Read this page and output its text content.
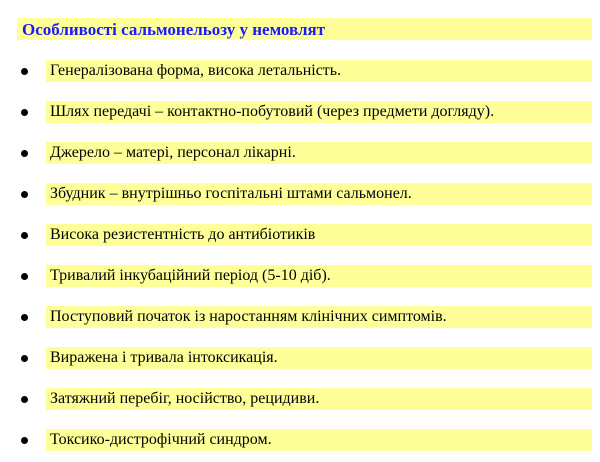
Особливості сальмонельозу у немовлят
Генералізована форма, висока летальність.
Шлях передачі – контактно-побутовий (через предмети догляду).
Джерело – матері, персонал лікарні.
Збудник – внутрішньо госпітальні штами сальмонел.
Висока резистентність до антибіотиків
Тривалий інкубаційний період (5-10 діб).
Поступовий початок із наростанням клінічних симптомів.
Виражена і тривала інтоксикація.
Затяжний перебіг, носійство, рецидиви.
Токсико-дистрофічний синдром.
